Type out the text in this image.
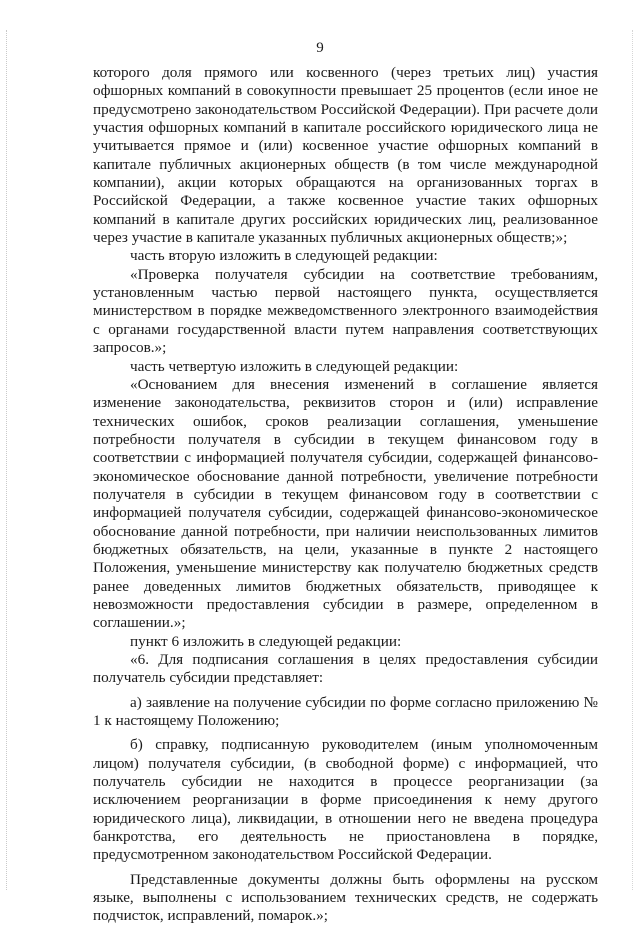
9

которого доля прямого или косвенного (через третьих лиц) участия офшорных компаний в совокупности превышает 25 процентов (если иное не предусмотрено законодательством Российской Федерации). При расчете доли участия офшорных компаний в капитале российского юридического лица не учитывается прямое и (или) косвенное участие офшорных компаний в капитале публичных акционерных обществ (в том числе международной компании), акции которых обращаются на организованных торгах в Российской Федерации, а также косвенное участие таких офшорных компаний в капитале других российских юридических лиц, реализованное через участие в капитале указанных публичных акционерных обществ;»;

часть вторую изложить в следующей редакции:

«Проверка получателя субсидии на соответствие требованиям, установленным частью первой настоящего пункта, осуществляется министерством в порядке межведомственного электронного взаимодействия с органами государственной власти путем направления соответствующих запросов.»;

часть четвертую изложить в следующей редакции:

«Основанием для внесения изменений в соглашение является изменение законодательства, реквизитов сторон и (или) исправление технических ошибок, сроков реализации соглашения, уменьшение потребности получателя в субсидии в текущем финансовом году в соответствии с информацией получателя субсидии, содержащей финансово-экономическое обоснование данной потребности, увеличение потребности получателя в субсидии в текущем финансовом году в соответствии с информацией получателя субсидии, содержащей финансово-экономическое обоснование данной потребности, при наличии неиспользованных лимитов бюджетных обязательств, на цели, указанные в пункте 2 настоящего Положения, уменьшение министерству как получателю бюджетных средств ранее доведенных лимитов бюджетных обязательств, приводящее к невозможности предоставления субсидии в размере, определенном в соглашении.»;

пункт 6 изложить в следующей редакции:

«6. Для подписания соглашения в целях предоставления субсидии получатель субсидии представляет:

а) заявление на получение субсидии по форме согласно приложению № 1 к настоящему Положению;

б) справку, подписанную руководителем (иным уполномоченным лицом) получателя субсидии, (в свободной форме) с информацией, что получатель субсидии не находится в процессе реорганизации (за исключением реорганизации в форме присоединения к нему другого юридического лица), ликвидации, в отношении него не введена процедура банкротства, его деятельность не приостановлена в порядке, предусмотренном законодательством Российской Федерации.

Представленные документы должны быть оформлены на русском языке, выполнены с использованием технических средств, не содержать подчисток, исправлений, помарок.»;
